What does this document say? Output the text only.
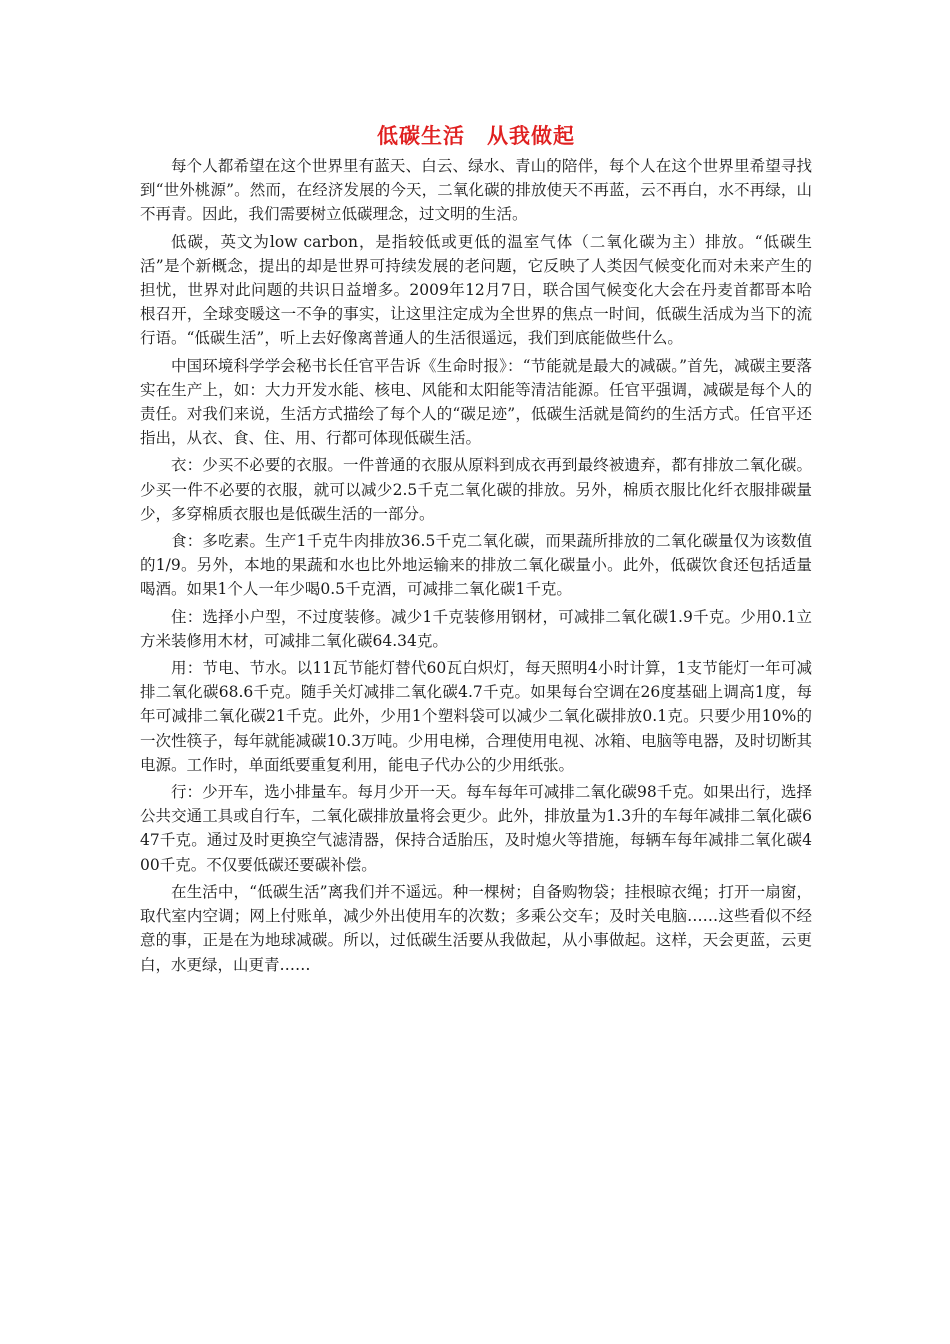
低碳生活　从我做起

每个人都希望在这个世界里有蓝天、白云、绿水、青山的陪伴，每个人在这个世界里希望寻找到“世外桃源”。然而，在经济发展的今天，二氧化碳的排放使天不再蓝，云不再白，水不再绿，山不再青。因此，我们需要树立低碳理念，过文明的生活。

低碳，英文为low carbon，是指较低或更低的温室气体（二氧化碳为主）排放。“低碳生活”是个新概念，提出的却是世界可持续发展的老问题，它反映了人类因气候变化而对未来产生的担忧，世界对此问题的共识日益增多。2009年12月7日，联合国气候变化大会在丹麦首都哥本哈根召开，全球变暖这一不争的事实，让这里注定成为全世界的焦点一时间，低碳生活成为当下的流行语。“低碳生活”，听上去好像离普通人的生活很遥远，我们到底能做些什么。

中国环境科学学会秘书长任官平告诉《生命时报》：“节能就是最大的减碳。”首先，减碳主要落实在生产上，如：大力开发水能、核电、风能和太阳能等清洁能源。任官平强调，减碳是每个人的责任。对我们来说，生活方式描绘了每个人的“碳足迹”，低碳生活就是简约的生活方式。任官平还指出，从衣、食、住、用、行都可体现低碳生活。

衣：少买不必要的衣服。一件普通的衣服从原料到成衣再到最终被遗弃，都有排放二氧化碳。少买一件不必要的衣服，就可以减少2.5千克二氧化碳的排放。另外，棉质衣服比化纤衣服排碳量少，多穿棉质衣服也是低碳生活的一部分。

食：多吃素。生产1千克牛肉排放36.5千克二氧化碳，而果蔬所排放的二氧化碳量仅为该数值的1/9。另外，本地的果蔬和水也比外地运输来的排放二氧化碳量小。此外，低碳饮食还包括适量喝酒。如果1个人一年少喝0.5千克酒，可减排二氧化碳1千克。

住：选择小户型，不过度装修。减少1千克装修用钢材，可减排二氧化碳1.9千克。少用0.1立方米装修用木材，可减排二氧化碳64.34克。

用：节电、节水。以11瓦节能灯替代60瓦白炽灯，每天照明4小时计算，1支节能灯一年可减排二氧化碳68.6千克。随手关灯减排二氧化碳4.7千克。如果每台空调在26度基础上调高1度，每年可减排二氧化碳21千克。此外，少用1个塑料袋可以减少二氧化碳排放0.1克。只要少用10%的一次性筷子，每年就能减碳10.3万吨。少用电梯，合理使用电视、冰箱、电脑等电器，及时切断其电源。工作时，单面纸要重复利用，能电子代办公的少用纸张。

行：少开车，选小排量车。每月少开一天。每车每年可减排二氧化碳98千克。如果出行，选择公共交通工具或自行车，二氧化碳排放量将会更少。此外，排放量为1.3升的车每年减排二氧化碳647千克。通过及时更换空气滤清器，保持合适胎压，及时熄火等措施，每辆车每年减排二氧化碳400千克。不仅要低碳还要碳补偿。

在生活中，“低碳生活”离我们并不遥远。种一棵树；自备购物袋；挂根晾衣绳；打开一扇窗，取代室内空调；网上付账单，减少外出使用车的次数；多乘公交车；及时关电脑……这些看似不经意的事，正是在为地球减碳。所以，过低碳生活要从我做起，从小事做起。这样，天会更蓝，云更白，水更绿，山更青……
